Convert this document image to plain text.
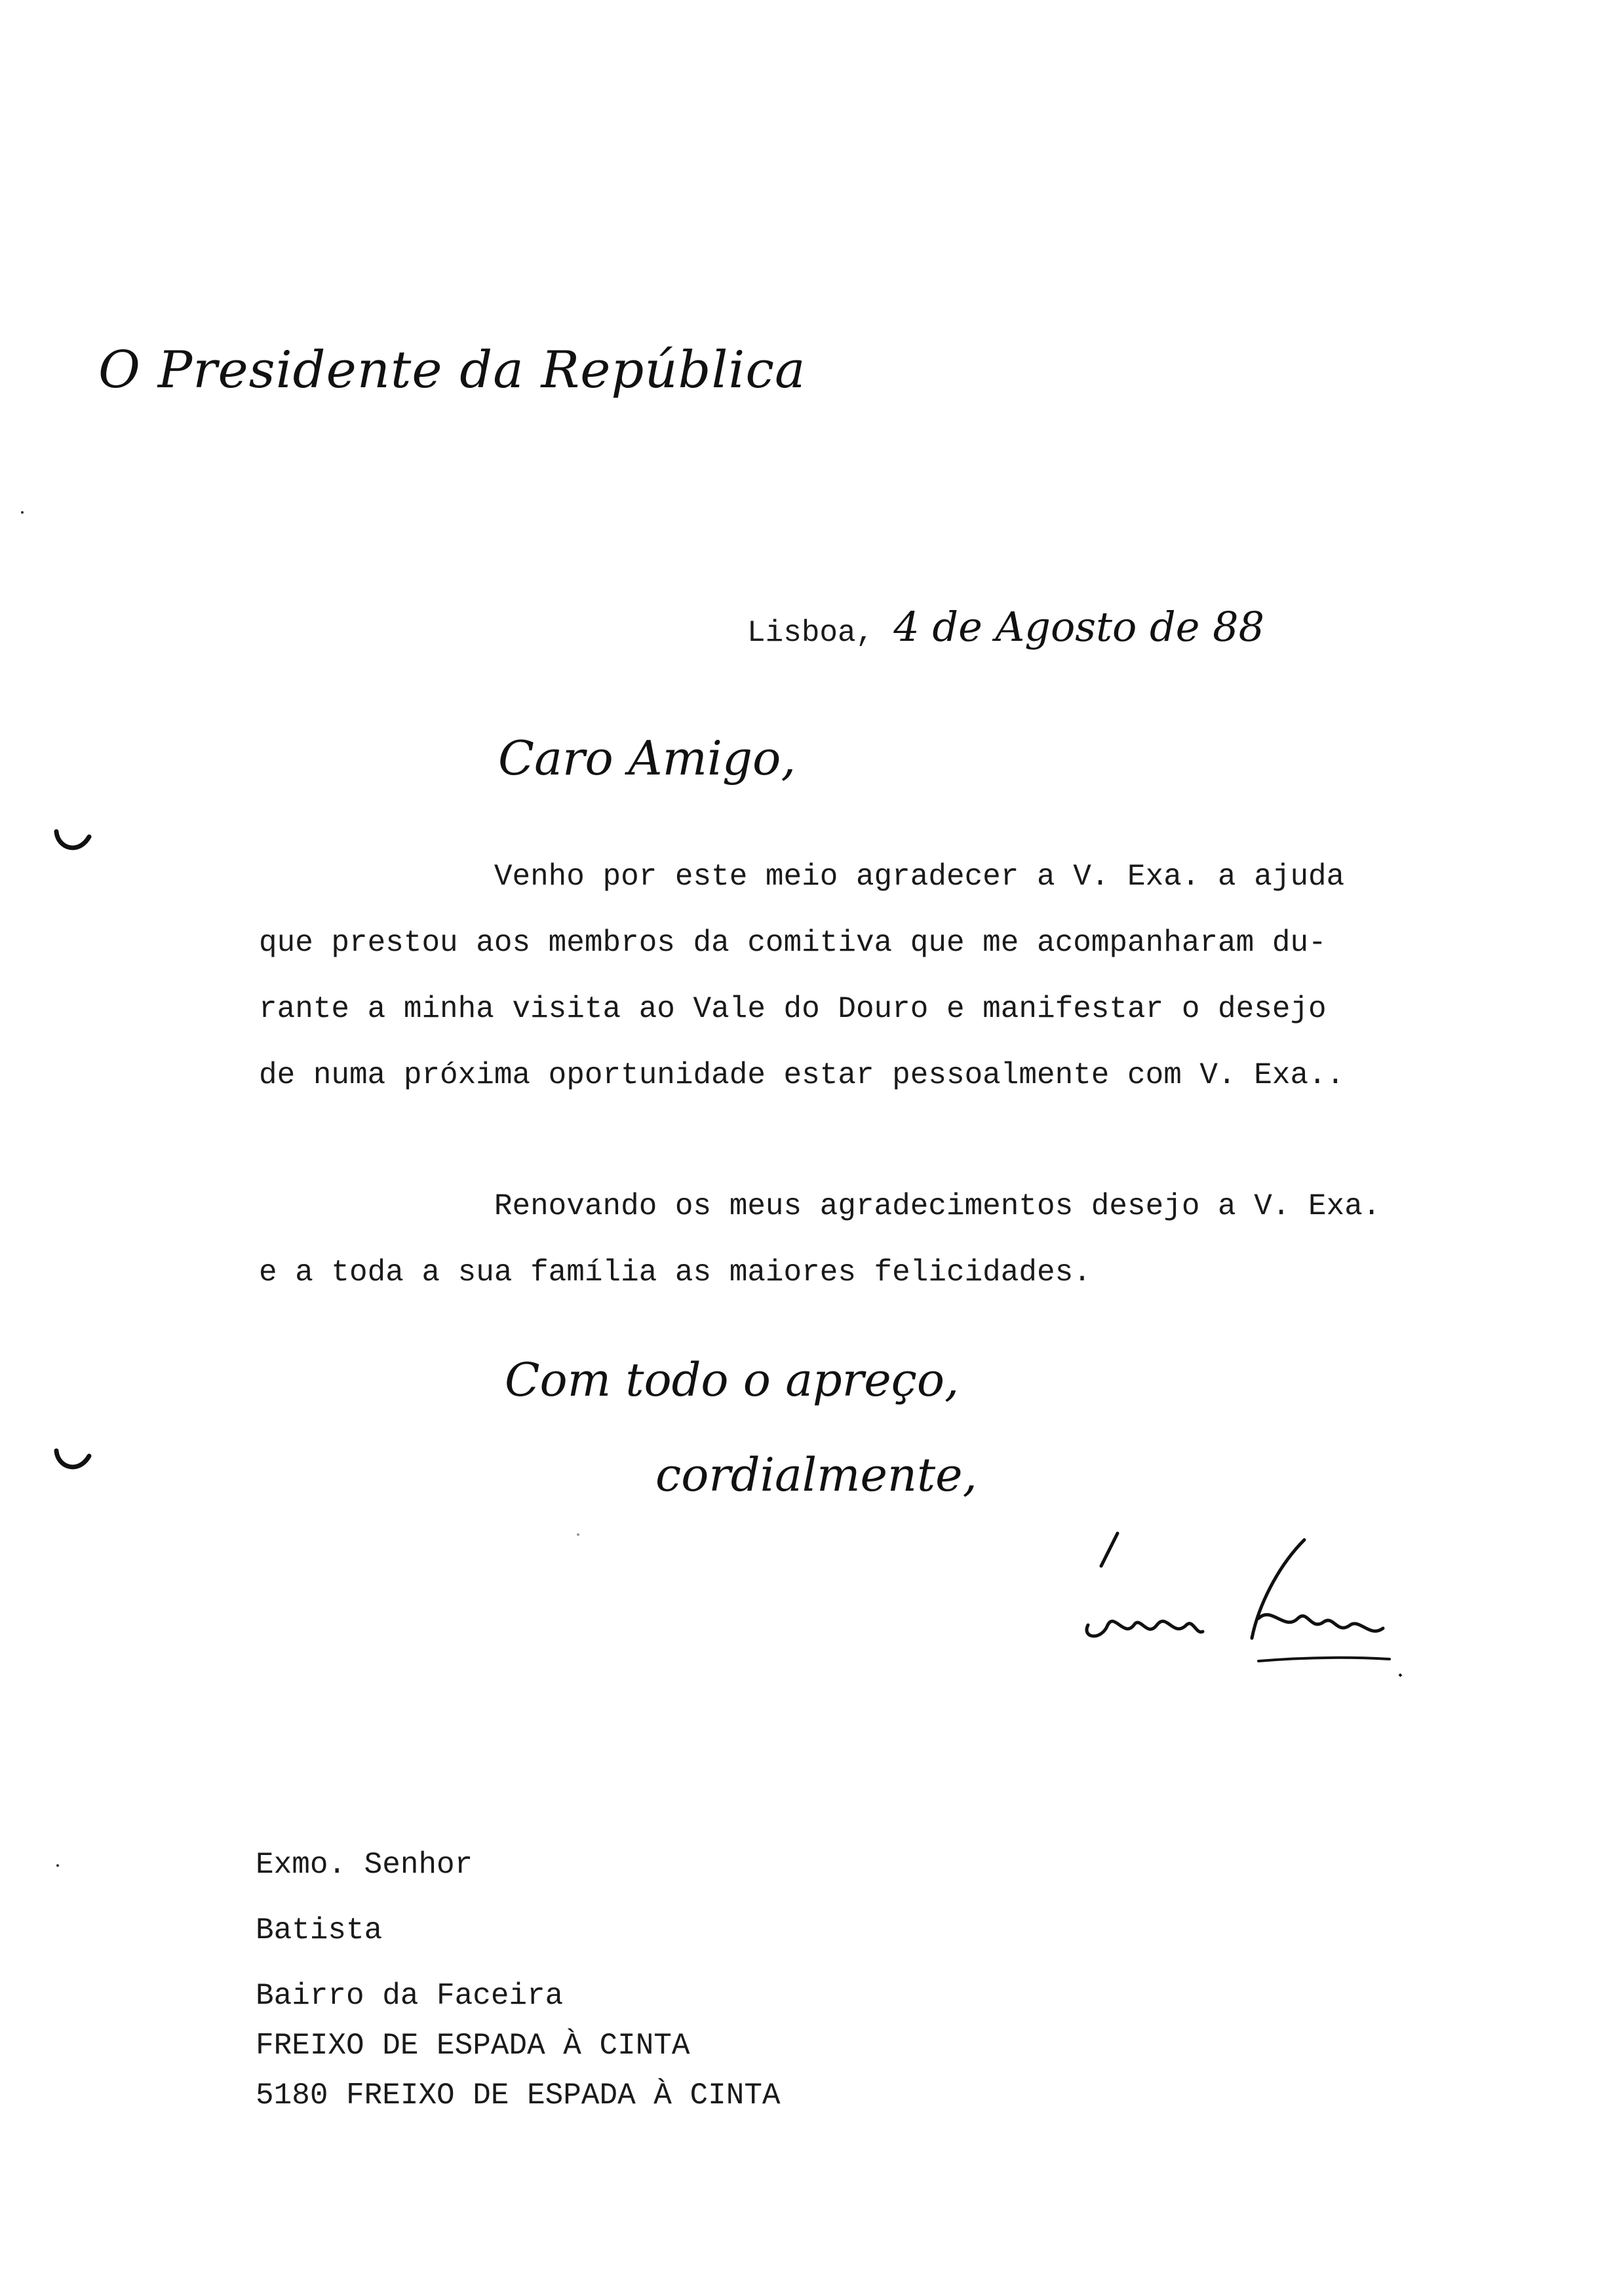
O Presidente da República
Lisboa, 4 de Agosto de 88
Caro Amigo,

Venho por este meio agradecer a V. Exa. a ajuda

que prestou aos membros da comitiva que me acompanharam du-

rante a minha visita ao Vale do Douro e manifestar o desejo

de numa próxima oportunidade estar pessoalmente com V. Exa..

Renovando os meus agradecimentos desejo a V. Exa.

e a toda a sua família as maiores felicidades.

Com todo o apreço,
cordialmente,
Exmo. Senhor
Batista
Bairro da Faceira
FREIXO DE ESPADA À CINTA
5180 FREIXO DE ESPADA À CINTA
